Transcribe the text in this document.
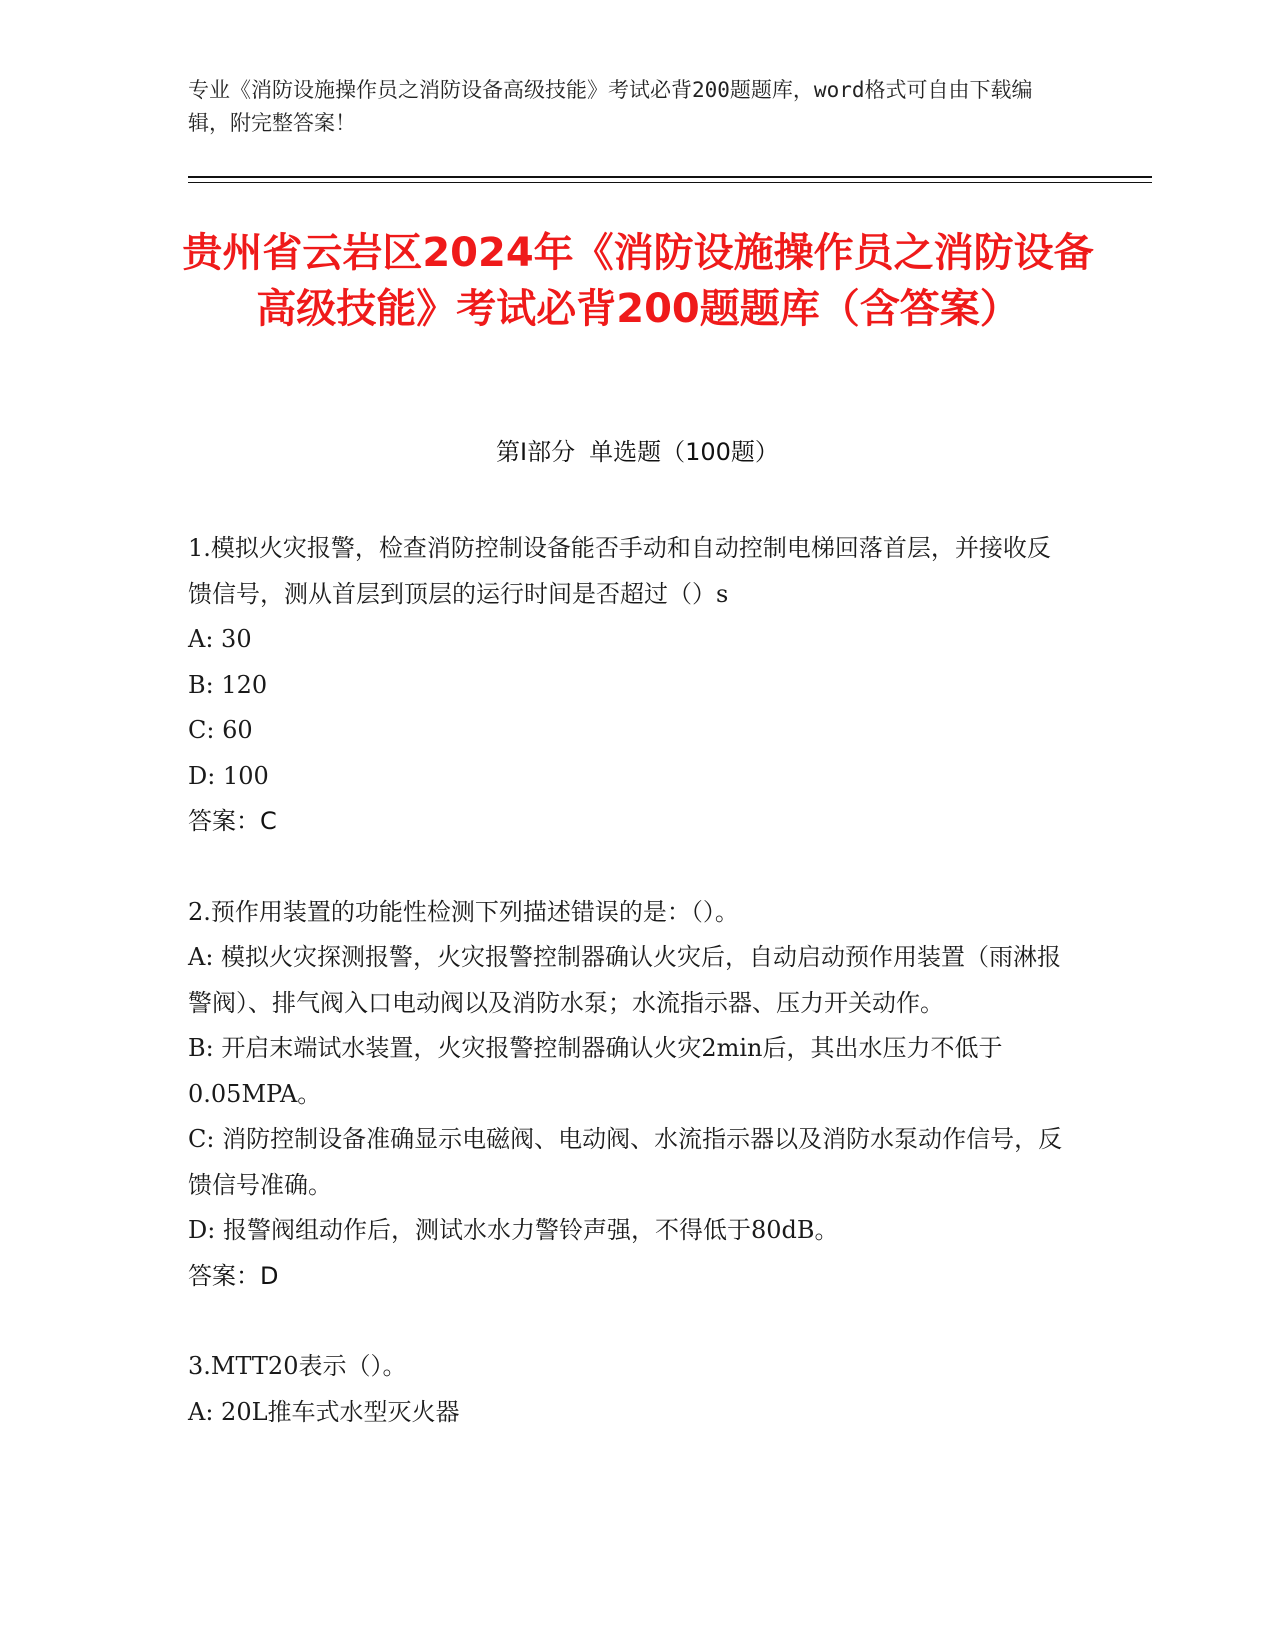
专业《消防设施操作员之消防设备高级技能》考试必背200题题库，word格式可自由下载编辑，附完整答案！
贵州省云岩区2024年《消防设施操作员之消防设备高级技能》考试必背200题题库（含答案）
第I部分 单选题（100题）

1.模拟火灾报警，检查消防控制设备能否手动和自动控制电梯回落首层，并接收反馈信号，测从首层到顶层的运行时间是否超过（）s

A: 30

B: 120

C: 60

D: 100

答案：C

2.预作用装置的功能性检测下列描述错误的是：（）。

A: 模拟火灾探测报警，火灾报警控制器确认火灾后，自动启动预作用装置（雨淋报警阀）、排气阀入口电动阀以及消防水泵；水流指示器、压力开关动作。

B: 开启末端试水装置，火灾报警控制器确认火灾2min后，其出水压力不低于0.05MPA。

C: 消防控制设备准确显示电磁阀、电动阀、水流指示器以及消防水泵动作信号，反馈信号准确。

D: 报警阀组动作后，测试水水力警铃声强，不得低于80dB。

答案：D

3.MTT20表示（）。

A: 20L推车式水型灭火器
